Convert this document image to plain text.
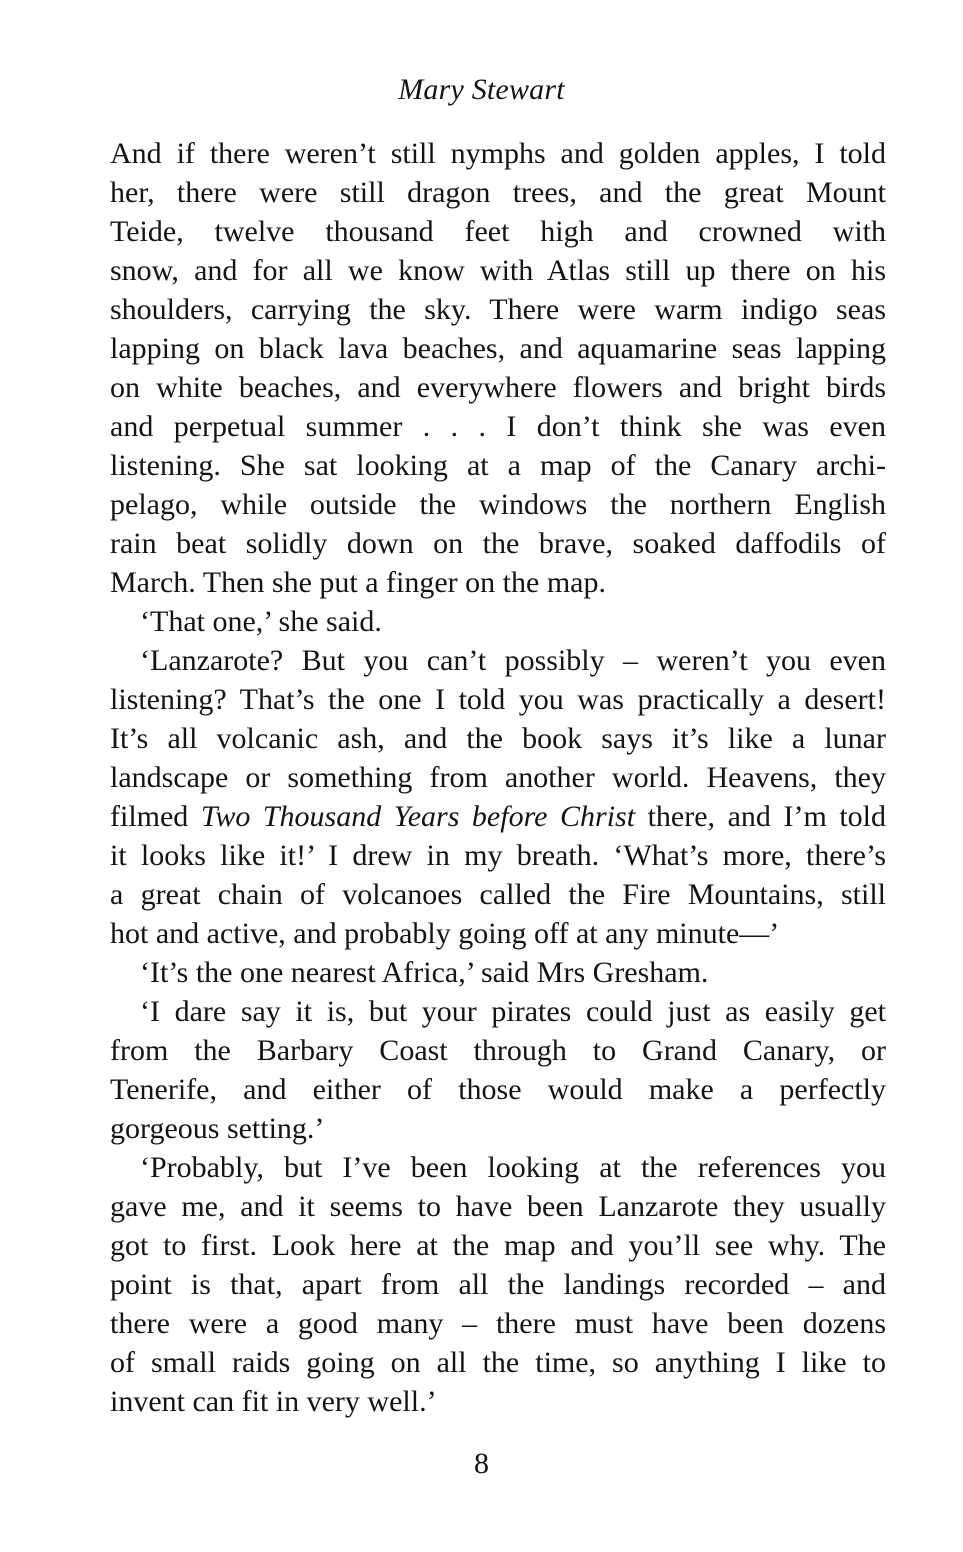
Mary Stewart
And if there weren’t still nymphs and golden apples, I told
her, there were still dragon trees, and the great Mount
Teide, twelve thousand feet high and crowned with
snow, and for all we know with Atlas still up there on his
shoulders, carrying the sky. There were warm indigo seas
lapping on black lava beaches, and aquamarine seas lapping
on white beaches, and everywhere flowers and bright birds
and perpetual summer . . . I don’t think she was even
listening. She sat looking at a map of the Canary archi-
pelago, while outside the windows the northern English
rain beat solidly down on the brave, soaked daffodils of
March. Then she put a finger on the map.
‘That one,’ she said.
‘Lanzarote? But you can’t possibly – weren’t you even
listening? That’s the one I told you was practically a desert!
It’s all volcanic ash, and the book says it’s like a lunar
landscape or something from another world. Heavens, they
filmed Two Thousand Years before Christ there, and I’m told
it looks like it!’ I drew in my breath. ‘What’s more, there’s
a great chain of volcanoes called the Fire Mountains, still
hot and active, and probably going off at any minute—’
‘It’s the one nearest Africa,’ said Mrs Gresham.
‘I dare say it is, but your pirates could just as easily get
from the Barbary Coast through to Grand Canary, or
Tenerife, and either of those would make a perfectly
gorgeous setting.’
‘Probably, but I’ve been looking at the references you
gave me, and it seems to have been Lanzarote they usually
got to first. Look here at the map and you’ll see why. The
point is that, apart from all the landings recorded – and
there were a good many – there must have been dozens
of small raids going on all the time, so anything I like to
invent can fit in very well.’
8
